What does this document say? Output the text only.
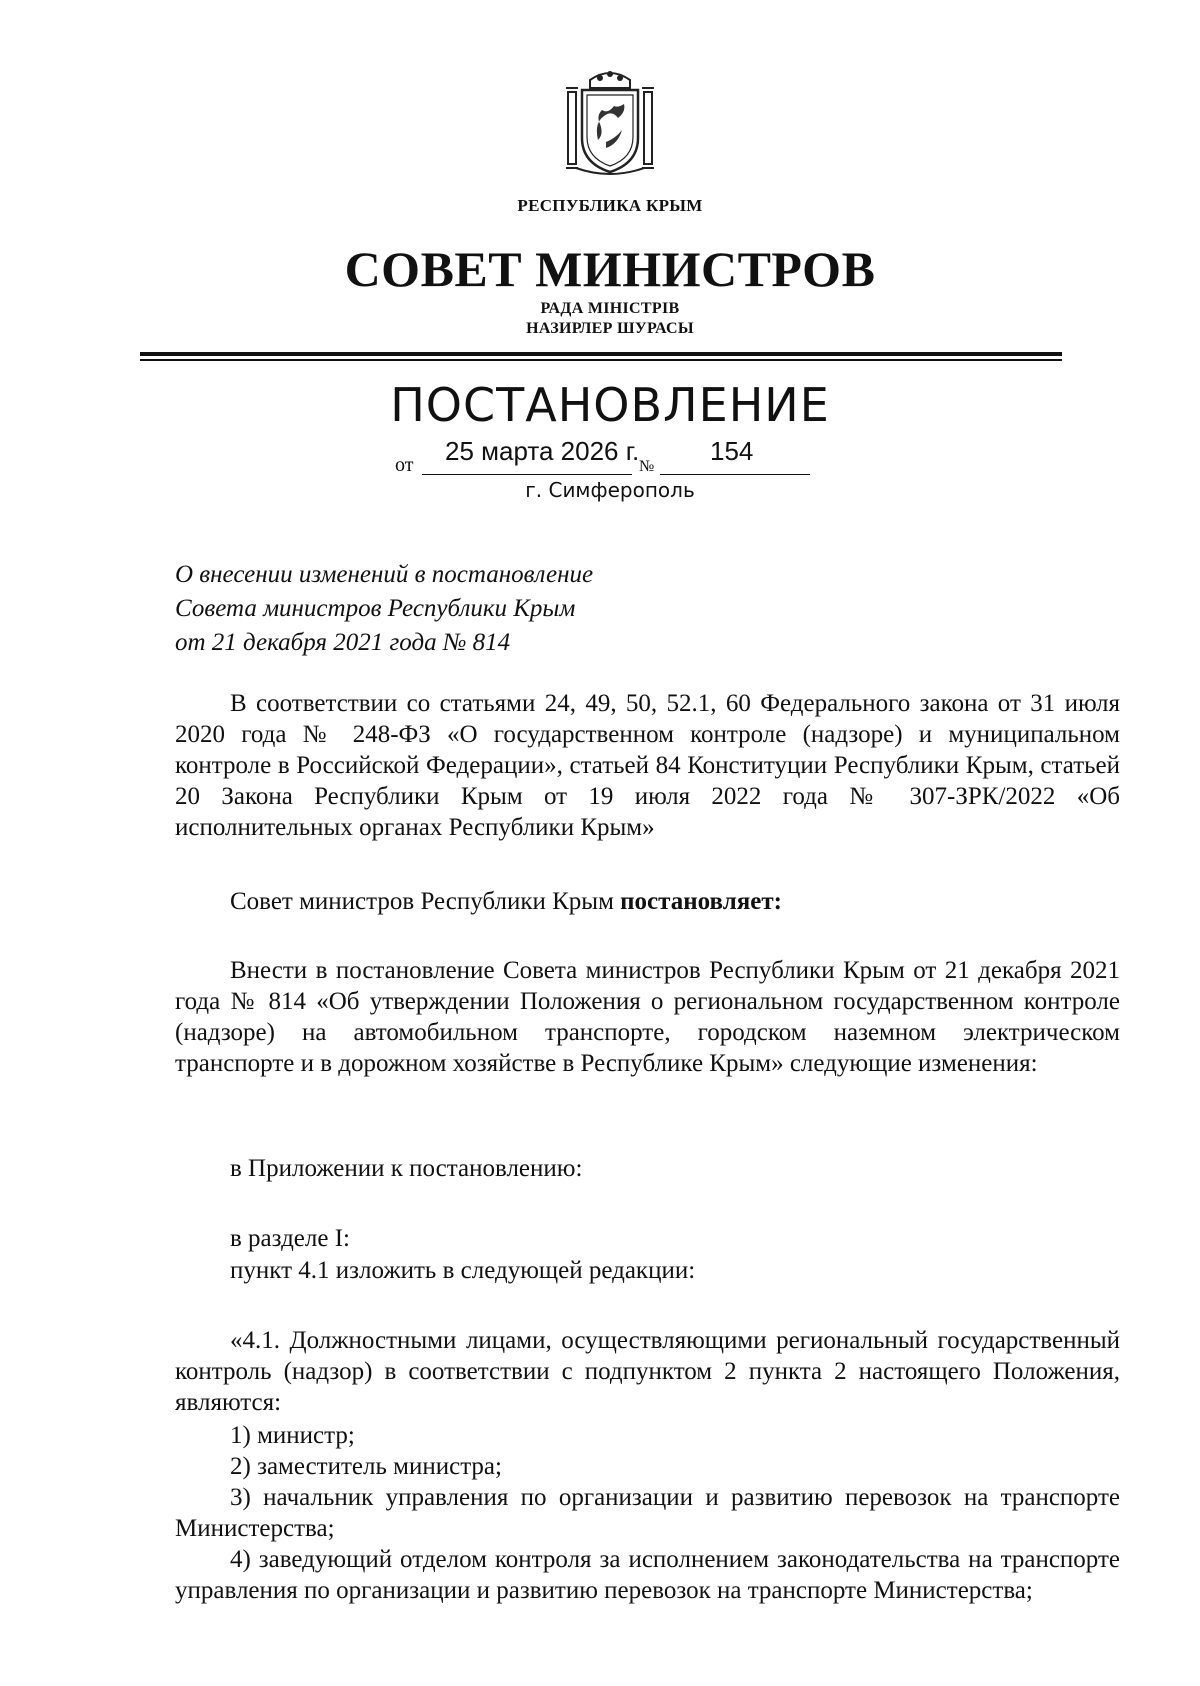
РЕСПУБЛИКА КРЫМ
СОВЕТ МИНИСТРОВ
РАДА МІНІСТРІВ
НАЗИРЛЕР ШУРАСЫ
ПОСТАНОВЛЕНИЕ
от 25 марта 2026 г.
№
154
г. Симферополь
О внесении изменений в постановление
Совета министров Республики Крым
от 21 декабря 2021 года № 814
В соответствии со статьями 24, 49, 50, 52.1, 60 Федерального закона от 31 июля 2020 года № 248-ФЗ «О государственном контроле (надзоре) и муниципальном контроле в Российской Федерации», статьей 84 Конституции Республики Крым, статьей 20 Закона Республики Крым от 19 июля 2022 года № 307-ЗРК/2022 «Об исполнительных органах Республики Крым»
Совет министров Республики Крым постановляет:
Внести в постановление Совета министров Республики Крым от 21 декабря 2021 года № 814 «Об утверждении Положения о региональном государственном контроле (надзоре) на автомобильном транспорте, городском наземном электрическом транспорте и в дорожном хозяйстве в Республике Крым» следующие изменения:
в Приложении к постановлению:
в разделе I:
пункт 4.1 изложить в следующей редакции:
«4.1. Должностными лицами, осуществляющими региональный государственный контроль (надзор) в соответствии с подпунктом 2 пункта 2 настоящего Положения, являются:
1) министр;
2) заместитель министра;
3) начальник управления по организации и развитию перевозок на транспорте Министерства;
4) заведующий отделом контроля за исполнением законодательства на транспорте управления по организации и развитию перевозок на транспорте Министерства;
